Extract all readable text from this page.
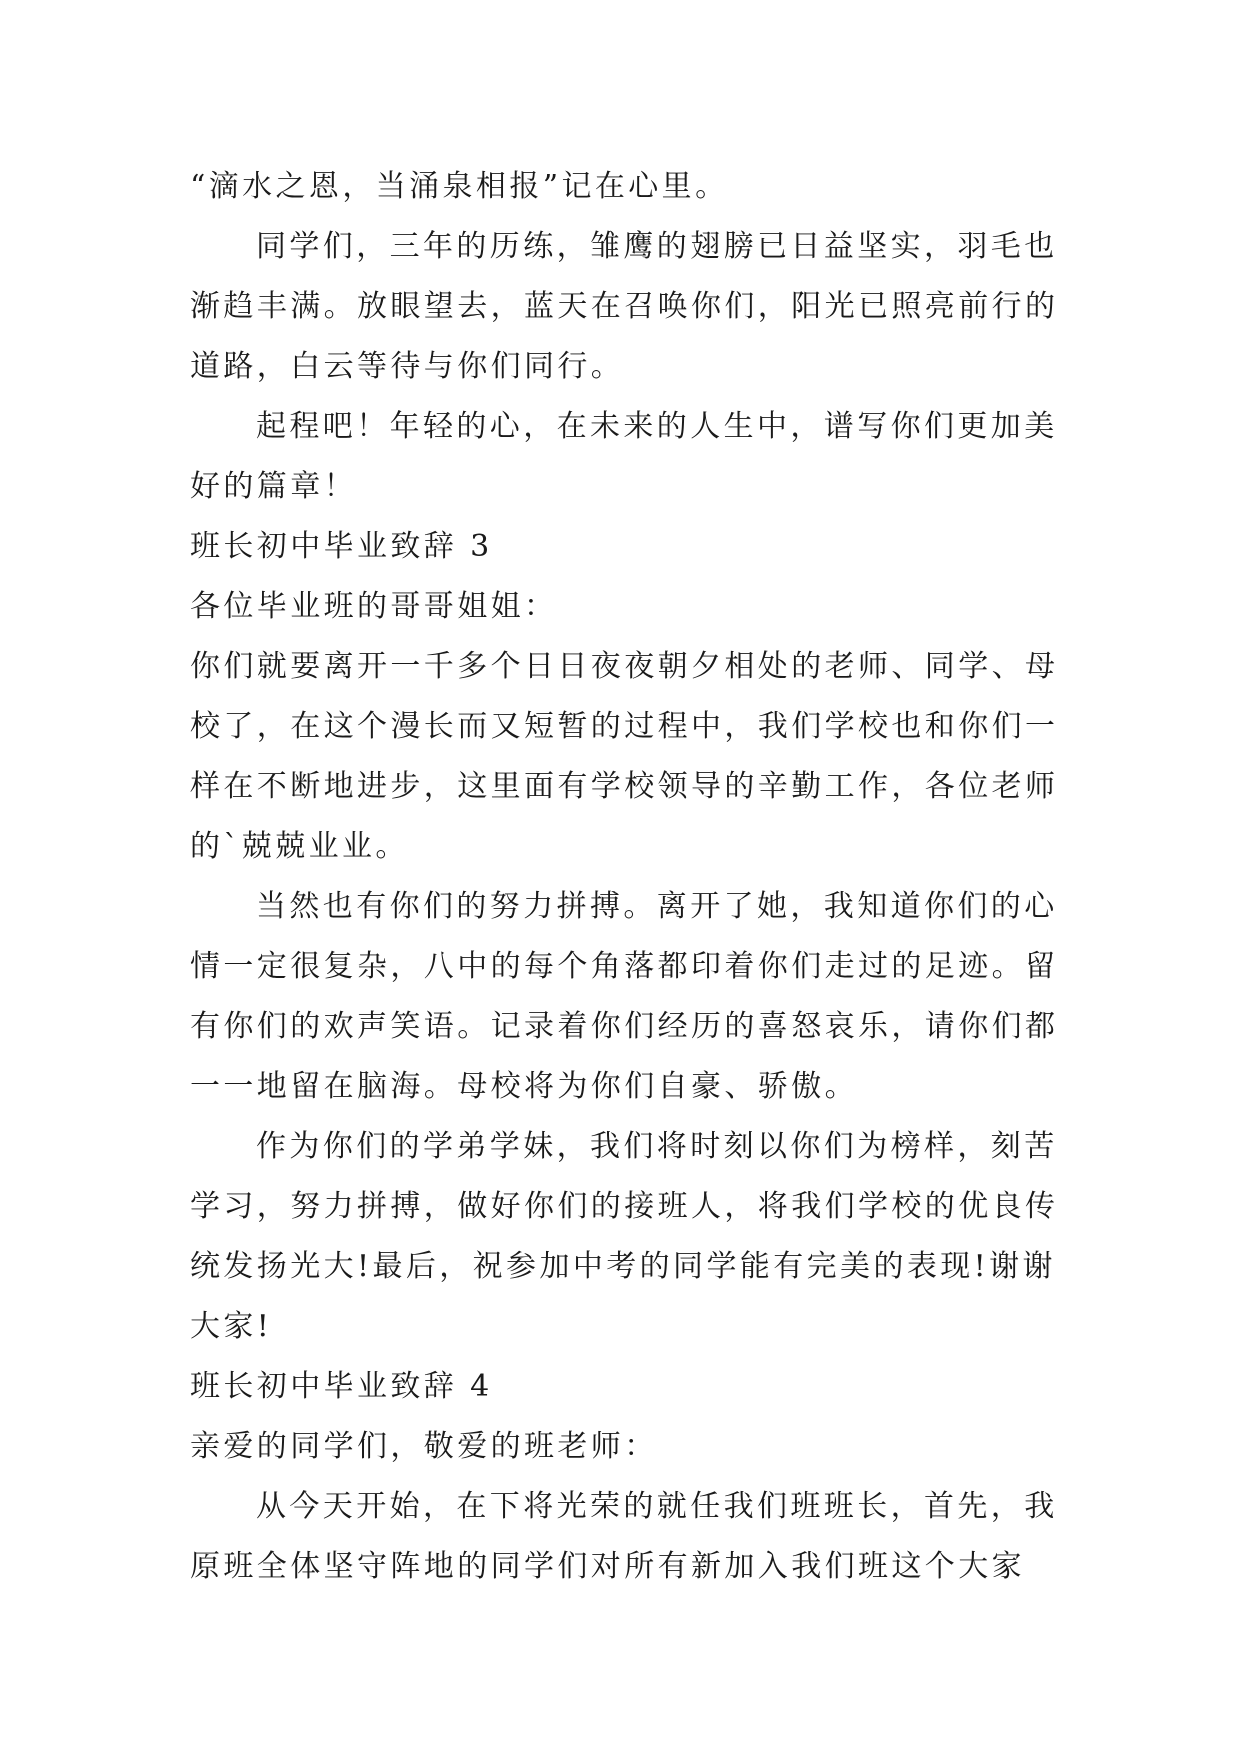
“滴水之恩，当涌泉相报”记在心里。
同学们，三年的历练，雏鹰的翅膀已日益坚实，羽毛也
渐趋丰满。放眼望去，蓝天在召唤你们，阳光已照亮前行的
道路，白云等待与你们同行。
起程吧！年轻的心，在未来的人生中，谱写你们更加美
好的篇章！
班长初中毕业致辞 3
各位毕业班的哥哥姐姐：
你们就要离开一千多个日日夜夜朝夕相处的老师、同学、母
校了，在这个漫长而又短暂的过程中，我们学校也和你们一
样在不断地进步，这里面有学校领导的辛勤工作，各位老师
的`兢兢业业。
当然也有你们的努力拼搏。离开了她，我知道你们的心
情一定很复杂，八中的每个角落都印着你们走过的足迹。留
有你们的欢声笑语。记录着你们经历的喜怒哀乐，请你们都
一一地留在脑海。母校将为你们自豪、骄傲。
作为你们的学弟学妹，我们将时刻以你们为榜样，刻苦
学习，努力拼搏，做好你们的接班人，将我们学校的优良传
统发扬光大!最后，祝参加中考的同学能有完美的表现!谢谢
大家!
班长初中毕业致辞 4
亲爱的同学们，敬爱的班老师：
从今天开始，在下将光荣的就任我们班班长，首先，我
原班全体坚守阵地的同学们对所有新加入我们班这个大家
